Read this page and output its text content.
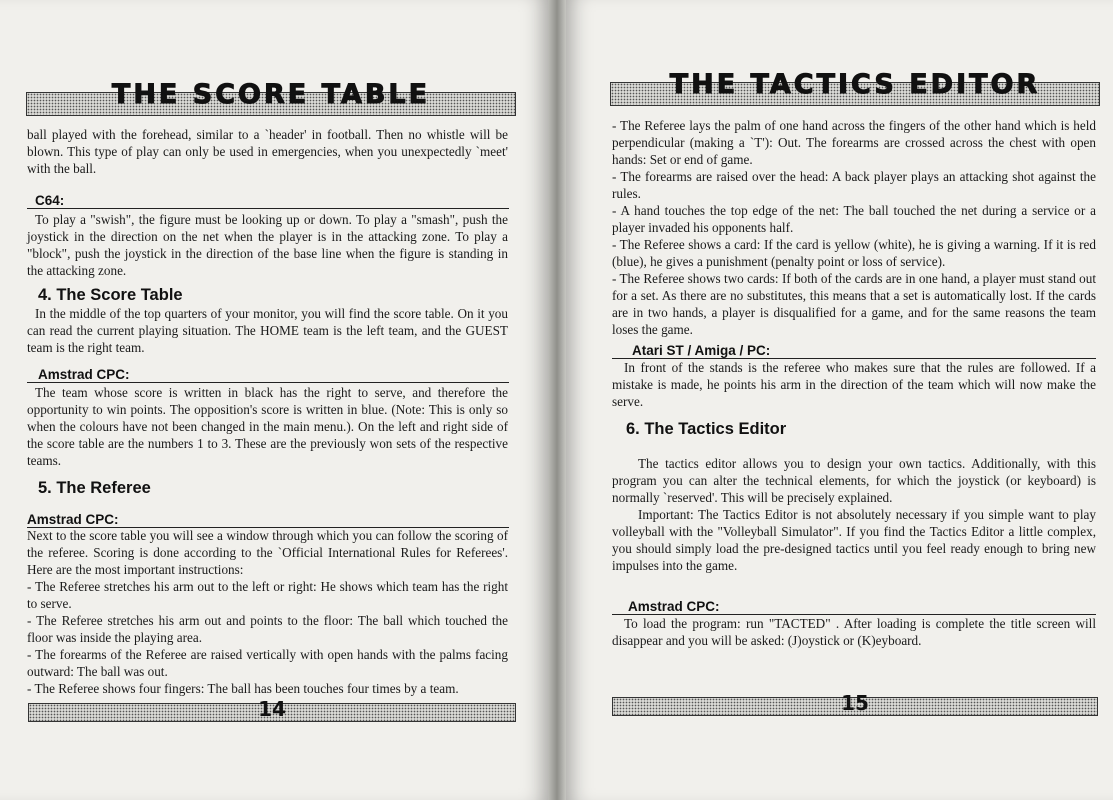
THE SCORE TABLE

ball played with the forehead, similar to a `header' in football. Then no whistle will be blown. This type of play can only be used in emergencies, when you unexpectedly `meet' with the ball.

C64:

To play a "swish", the figure must be looking up or down. To play a "smash", push the joystick in the direction on the net when the player is in the attacking zone. To play a "block", push the joystick in the direction of the base line when the figure is standing in the attacking zone.

4. The Score Table

In the middle of the top quarters of your monitor, you will find the score table. On it you can read the current playing situation. The HOME team is the left team, and the GUEST team is the right team.

Amstrad CPC:

The team whose score is written in black has the right to serve, and therefore the opportunity to win points. The opposition's score is written in blue. (Note: This is only so when the colours have not been changed in the main menu.). On the left and right side of the score table are the numbers 1 to 3. These are the previously won sets of the respective teams.

5. The Referee
Amstrad CPC:

Next to the score table you will see a window through which you can follow the scoring of the referee. Scoring is done according to the `Official International Rules for Referees'. Here are the most important instructions:

- The Referee stretches his arm out to the left or right: He shows which team has the right to serve.

- The Referee stretches his arm out and points to the floor: The ball which touched the floor was inside the playing area.

- The forearms of the Referee are raised vertically with open hands with the palms facing outward: The ball was out.

- The Referee shows four fingers: The ball has been touches four times by a team.

14
THE TACTICS EDITOR

- The Referee lays the palm of one hand across the fingers of the other hand which is held perpendicular (making a `T'): Out. The forearms are crossed across the chest with open hands: Set or end of game.

- The forearms are raised over the head: A back player plays an attacking shot against the rules.

- A hand touches the top edge of the net: The ball touched the net during a service or a player invaded his opponents half.

- The Referee shows a card: If the card is yellow (white), he is giving a warning. If it is red (blue), he gives a punishment (penalty point or loss of service).

- The Referee shows two cards: If both of the cards are in one hand, a player must stand out for a set. As there are no substitutes, this means that a set is automatically lost. If the cards are in two hands, a player is disqualified for a game, and for the same reasons the team loses the game.

Atari ST / Amiga / PC:

In front of the stands is the referee who makes sure that the rules are followed. If a mistake is made, he points his arm in the direction of the team which will now make the serve.

6. The Tactics Editor

The tactics editor allows you to design your own tactics. Additionally, with this program you can alter the technical elements, for which the joystick (or keyboard) is normally `reserved'. This will be precisely explained.

Important: The Tactics Editor is not absolutely necessary if you simple want to play volleyball with the "Volleyball Simulator". If you find the Tactics Editor a little complex, you should simply load the pre-designed tactics until you feel ready enough to bring new impulses into the game.

Amstrad CPC:

To load the program: run "TACTED" . After loading is complete the title screen will disappear and you will be asked: (J)oystick or (K)eyboard.

15
